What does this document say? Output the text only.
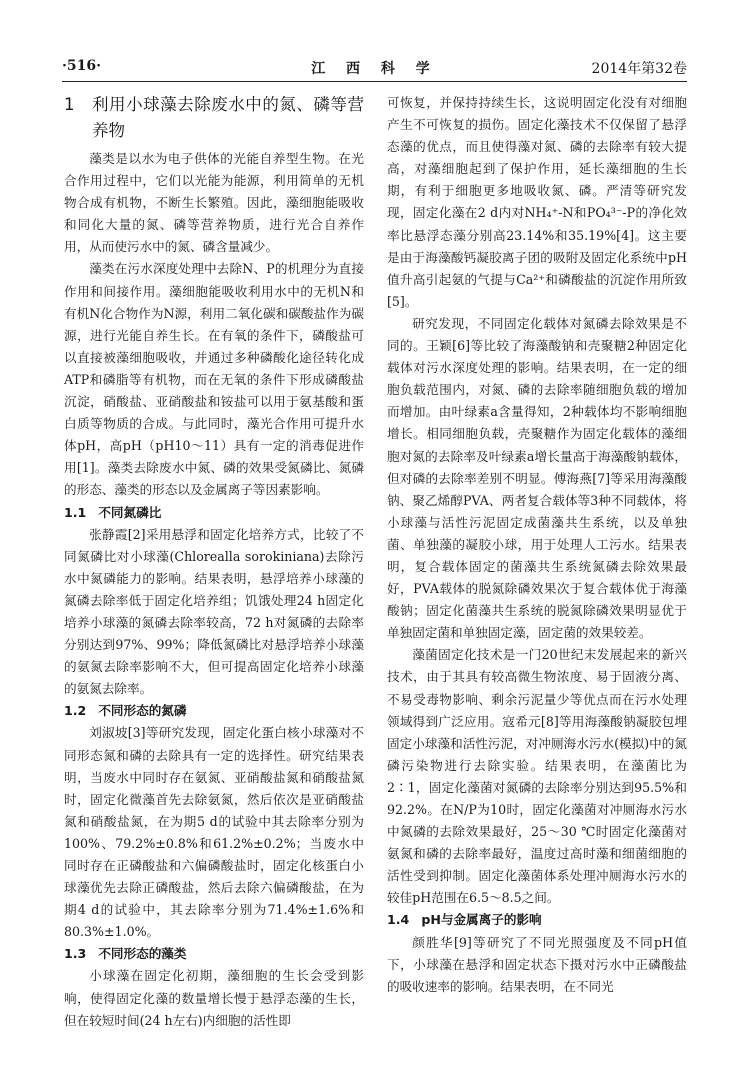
·516·	江 西 科 学	2014年第32卷
1	利用小球藻去除废水中的氮、磷等营养物

藻类是以水为电子供体的光能自养型生物。在光合作用过程中，它们以光能为能源，利用简单的无机物合成有机物，不断生长繁殖。因此，藻细胞能吸收和同化大量的氮、磷等营养物质，进行光合自养作用，从而使污水中的氮、磷含量减少。

藻类在污水深度处理中去除N、P的机理分为直接作用和间接作用。藻细胞能吸收利用水中的无机N和有机N化合物作为N源，利用二氧化碳和碳酸盐作为碳源，进行光能自养生长。在有氧的条件下，磷酸盐可以直接被藻细胞吸收，并通过多种磷酸化途径转化成ATP和磷脂等有机物，而在无氧的条件下形成磷酸盐沉淀，硝酸盐、亚硝酸盐和铵盐可以用于氨基酸和蛋白质等物质的合成。与此同时，藻光合作用可提升水体pH，高pH（pH10～11）具有一定的消毒促进作用[1]。藻类去除废水中氮、磷的效果受氮磷比、氮磷的形态、藻类的形态以及金属离子等因素影响。

1.1 不同氮磷比

张静霞[2]采用悬浮和固定化培养方式，比较了不同氮磷比对小球藻(Chlorealla sorokiniana)去除污水中氮磷能力的影响。结果表明，悬浮培养小球藻的氮磷去除率低于固定化培养组；饥饿处理24 h固定化培养小球藻的氮磷去除率较高，72 h对氮磷的去除率分别达到97%、99%；降低氮磷比对悬浮培养小球藻的氨氮去除率影响不大，但可提高固定化培养小球藻的氨氮去除率。

1.2 不同形态的氮磷

刘淑坡[3]等研究发现，固定化蛋白核小球藻对不同形态氮和磷的去除具有一定的选择性。研究结果表明，当废水中同时存在氨氮、亚硝酸盐氮和硝酸盐氮时，固定化微藻首先去除氨氮，然后依次是亚硝酸盐氮和硝酸盐氮，在为期5 d的试验中其去除率分别为100%、79.2%±0.8%和61.2%±0.2%；当废水中同时存在正磷酸盐和六偏磷酸盐时，固定化核蛋白小球藻优先去除正磷酸盐，然后去除六偏磷酸盐，在为期4 d的试验中，其去除率分别为71.4%±1.6%和80.3%±1.0%。

1.3 不同形态的藻类

小球藻在固定化初期，藻细胞的生长会受到影响，使得固定化藻的数量增长慢于悬浮态藻的生长，但在较短时间(24 h左右)内细胞的活性即

可恢复，并保持持续生长，这说明固定化没有对细胞产生不可恢复的损伤。固定化藻技术不仅保留了悬浮态藻的优点，而且使得藻对氮、磷的去除率有较大提高，对藻细胞起到了保护作用，延长藻细胞的生长期，有利于细胞更多地吸收氮、磷。严清等研究发现，固定化藻在2 d内对NH₄⁺-N和PO₄³⁻-P的净化效率比悬浮态藻分别高23.14%和35.19%[4]。这主要是由于海藻酸钙凝胶离子团的吸附及固定化系统中pH值升高引起氨的气提与Ca²⁺和磷酸盐的沉淀作用所致[5]。

研究发现，不同固定化载体对氮磷去除效果是不同的。王颖[6]等比较了海藻酸钠和壳聚糖2种固定化载体对污水深度处理的影响。结果表明，在一定的细胞负载范围内，对氮、磷的去除率随细胞负载的增加而增加。由叶绿素a含量得知，2种载体均不影响细胞增长。相同细胞负载，壳聚糖作为固定化载体的藻细胞对氮的去除率及叶绿素a增长量高于海藻酸钠载体，但对磷的去除率差别不明显。傅海燕[7]等采用海藻酸钠、聚乙烯醇PVA、两者复合载体等3种不同载体，将小球藻与活性污泥固定成菌藻共生系统，以及单独菌、单独藻的凝胶小球，用于处理人工污水。结果表明，复合载体固定的菌藻共生系统氮磷去除效果最好，PVA载体的脱氮除磷效果次于复合载体优于海藻酸钠；固定化菌藻共生系统的脱氮除磷效果明显优于单独固定菌和单独固定藻，固定菌的效果较差。

藻菌固定化技术是一门20世纪末发展起来的新兴技术，由于其具有较高微生物浓度、易于固液分离、不易受毒物影响、剩余污泥量少等优点而在污水处理领域得到广泛应用。寇希元[8]等用海藻酸钠凝胶包埋固定小球藻和活性污泥，对冲厕海水污水(模拟)中的氮磷污染物进行去除实验。结果表明，在藻菌比为2∶1，固定化藻菌对氮磷的去除率分别达到95.5%和92.2%。在N/P为10时，固定化藻菌对冲厕海水污水中氮磷的去除效果最好，25～30 ℃时固定化藻菌对氨氮和磷的去除率最好，温度过高时藻和细菌细胞的活性受到抑制。固定化藻菌体系处理冲厕海水污水的较佳pH范围在6.5～8.5之间。

1.4 pH与金属离子的影响

颜胜华[9]等研究了不同光照强度及不同pH值下，小球藻在悬浮和固定状态下摄对污水中正磷酸盐的吸收速率的影响。结果表明，在不同光
